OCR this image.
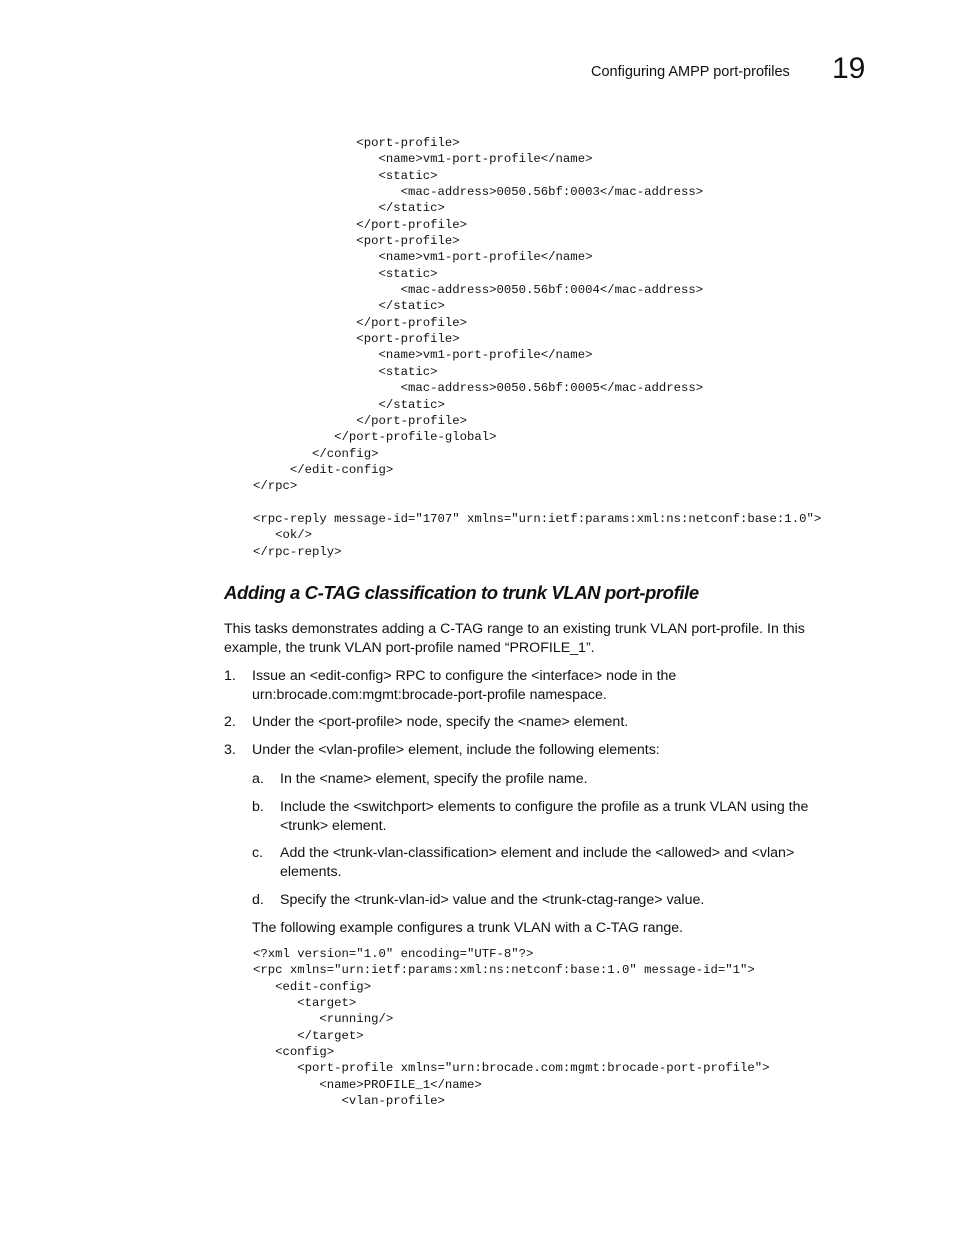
Configuring AMPP port-profiles 19
<port-profile>
<name>vm1-port-profile</name>
<static>
<mac-address>0050.56bf:0003</mac-address>
</static>
</port-profile>
<port-profile>
<name>vm1-port-profile</name>
<static>
<mac-address>0050.56bf:0004</mac-address>
</static>
</port-profile>
<port-profile>
<name>vm1-port-profile</name>
<static>
<mac-address>0050.56bf:0005</mac-address>
</static>
</port-profile>
</port-profile-global>
</config>
</edit-config>
</rpc>

<rpc-reply message-id="1707" xmlns="urn:ietf:params:xml:ns:netconf:base:1.0">
<ok/>
</rpc-reply>
Adding a C-TAG classification to trunk VLAN port-profile
This tasks demonstrates adding a C-TAG range to an existing trunk VLAN port-profile. In this example, the trunk VLAN port-profile named “PROFILE_1”.
1. Issue an <edit-config> RPC to configure the <interface> node in the urn:brocade.com:mgmt:brocade-port-profile namespace.
2. Under the <port-profile> node, specify the <name> element.
3. Under the <vlan-profile> element, include the following elements:
a. In the <name> element, specify the profile name.
b. Include the <switchport> elements to configure the profile as a trunk VLAN using the <trunk> element.
c. Add the <trunk-vlan-classification> element and include the <allowed> and <vlan> elements.
d. Specify the <trunk-vlan-id> value and the <trunk-ctag-range> value.
The following example configures a trunk VLAN with a C-TAG range.
<?xml version="1.0" encoding="UTF-8"?>
<rpc xmlns="urn:ietf:params:xml:ns:netconf:base:1.0" message-id="1">
<edit-config>
<target>
<running/>
</target>
<config>
<port-profile xmlns="urn:brocade.com:mgmt:brocade-port-profile">
<name>PROFILE_1</name>
<vlan-profile>
